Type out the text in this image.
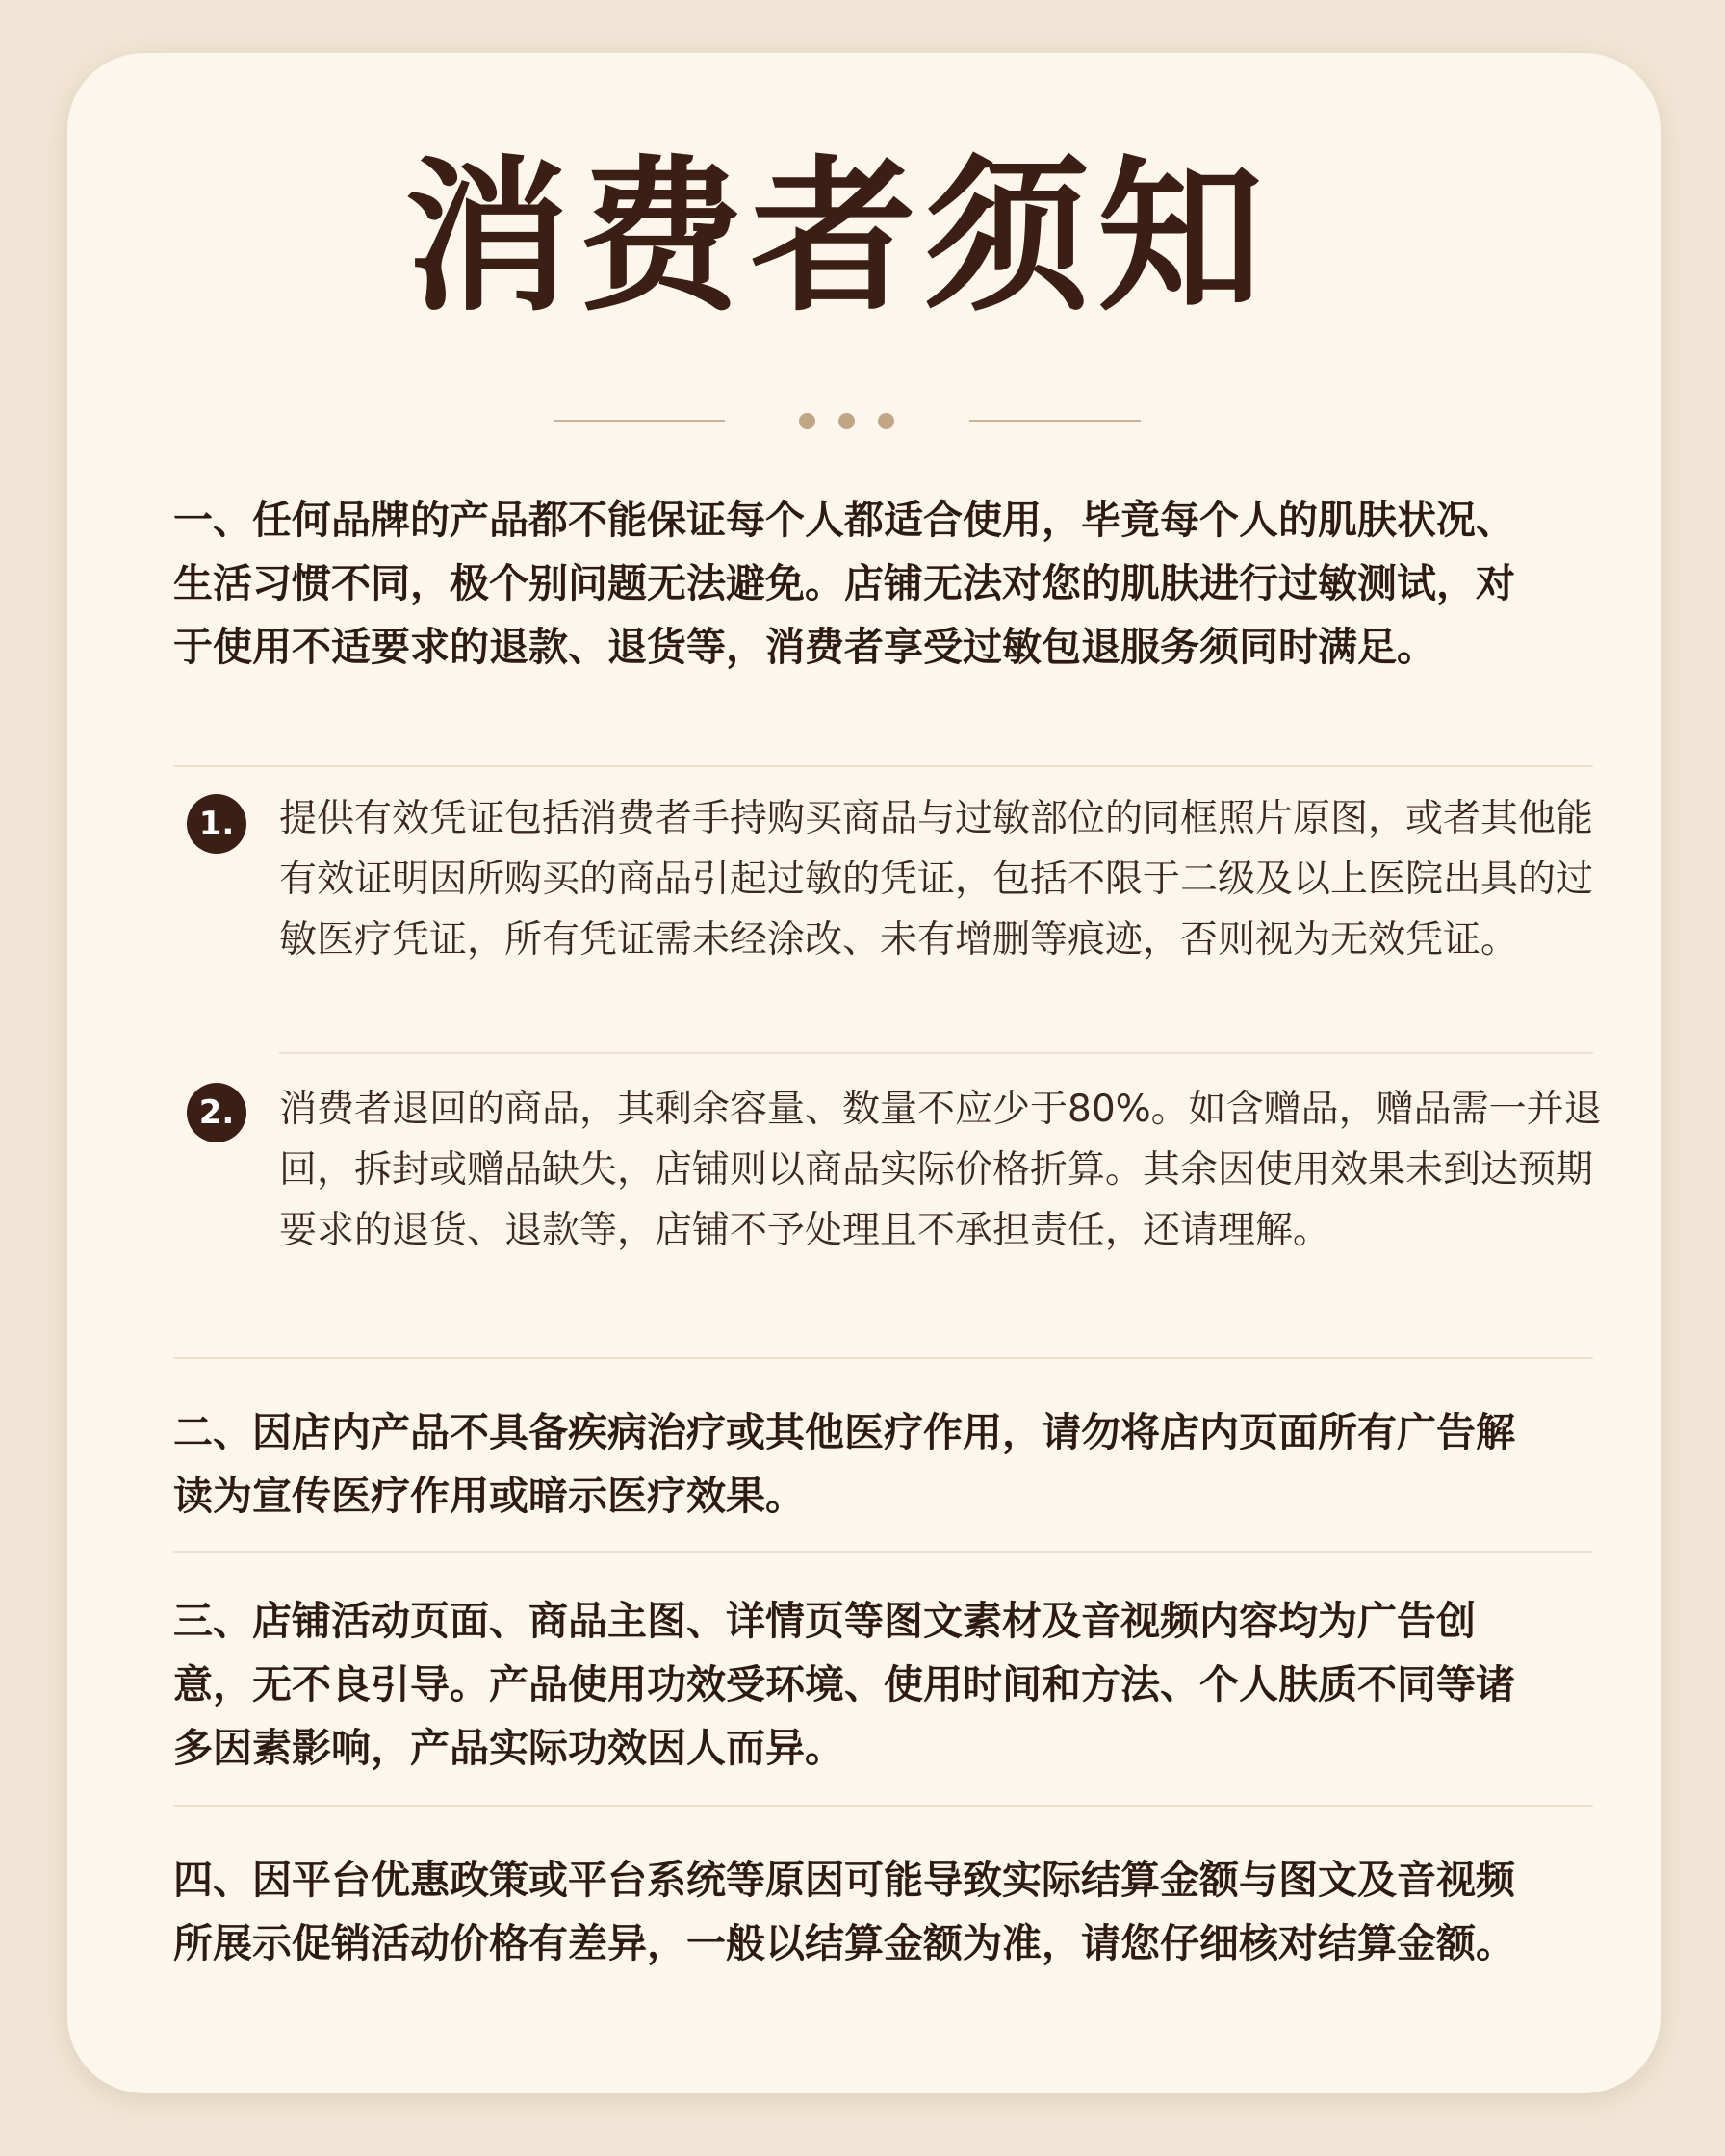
消费者须知

一、任何品牌的产品都不能保证每个人都适合使用，毕竟每个人的肌肤状况、生活习惯不同，极个别问题无法避免。店铺无法对您的肌肤进行过敏测试，对于使用不适要求的退款、退货等，消费者享受过敏包退服务须同时满足。

1.	提供有效凭证包括消费者手持购买商品与过敏部位的同框照片原图，或者其他能有效证明因所购买的商品引起过敏的凭证，包括不限于二级及以上医院出具的过敏医疗凭证，所有凭证需未经涂改、未有增删等痕迹，否则视为无效凭证。

2.	消费者退回的商品，其剩余容量、数量不应少于80%。如含赠品，赠品需一并退回，拆封或赠品缺失，店铺则以商品实际价格折算。其余因使用效果未到达预期要求的退货、退款等，店铺不予处理且不承担责任，还请理解。

二、因店内产品不具备疾病治疗或其他医疗作用，请勿将店内页面所有广告解读为宣传医疗作用或暗示医疗效果。

三、店铺活动页面、商品主图、详情页等图文素材及音视频内容均为广告创意，无不良引导。产品使用功效受环境、使用时间和方法、个人肤质不同等诸多因素影响，产品实际功效因人而异。

四、因平台优惠政策或平台系统等原因可能导致实际结算金额与图文及音视频所展示促销活动价格有差异，一般以结算金额为准，请您仔细核对结算金额。
